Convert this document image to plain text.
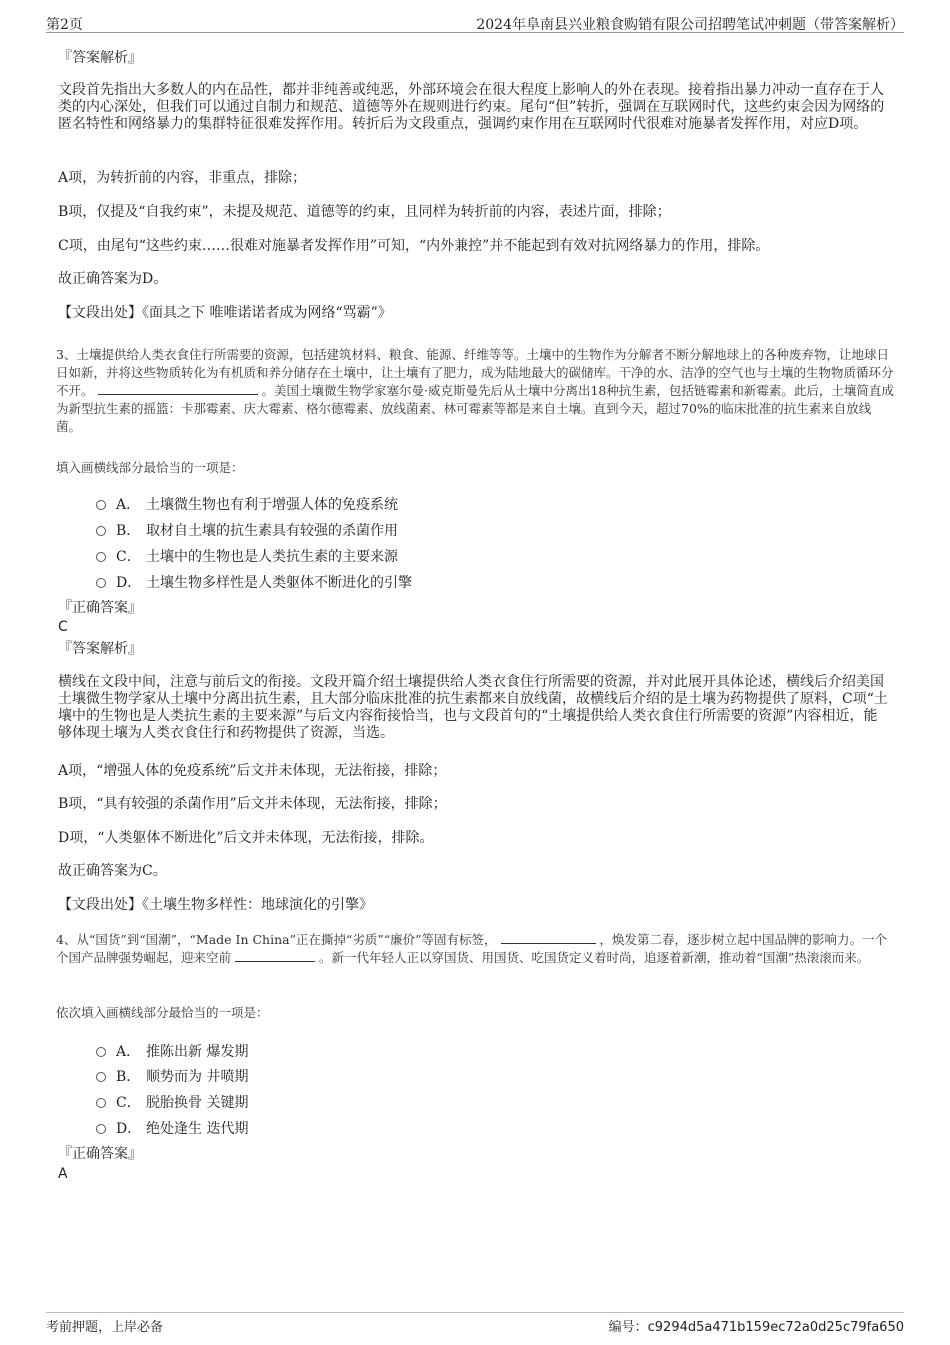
第2页	2024年阜南县兴业粮食购销有限公司招聘笔试冲刺题（带答案解析）
『答案解析』
文段首先指出大多数人的内在品性，都并非纯善或纯恶，外部环境会在很大程度上影响人的外在表现。接着指出暴力冲动一直存在于人类的内心深处，但我们可以通过自制力和规范、道德等外在规则进行约束。尾句“但”转折，强调在互联网时代，这些约束会因为网络的匿名特性和网络暴力的集群特征很难发挥作用。转折后为文段重点，强调约束作用在互联网时代很难对施暴者发挥作用，对应D项。
A项，为转折前的内容，非重点，排除；
B项，仅提及“自我约束”，未提及规范、道德等的约束，且同样为转折前的内容，表述片面，排除；
C项，由尾句“这些约束……很难对施暴者发挥作用”可知，“内外兼控”并不能起到有效对抗网络暴力的作用，排除。
故正确答案为D。
【文段出处】《面具之下 唯唯诺诺者成为网络“骂霸”》
3、土壤提供给人类衣食住行所需要的资源，包括建筑材料、粮食、能源、纤维等等。土壤中的生物作为分解者不断分解地球上的各种废弃物，让地球日日如新，并将这些物质转化为有机质和养分储存在土壤中，让土壤有了肥力，成为陆地最大的碳储库。干净的水、洁净的空气也与土壤的生物物质循环分不开。	。美国土壤微生物学家塞尔曼·威克斯曼先后从土壤中分离出18种抗生素，包括链霉素和新霉素。此后，土壤简直成为新型抗生素的摇篮：卡那霉素、庆大霉素、格尔德霉素、放线菌素、林可霉素等都是来自土壤。直到今天，超过70%的临床批准的抗生素来自放线菌。
填入画横线部分最恰当的一项是：
A． 土壤微生物也有利于增强人体的免疫系统
B． 取材自土壤的抗生素具有较强的杀菌作用
C． 土壤中的生物也是人类抗生素的主要来源
D． 土壤生物多样性是人类躯体不断进化的引擎
『正确答案』
C
『答案解析』
横线在文段中间，注意与前后文的衔接。文段开篇介绍土壤提供给人类衣食住行所需要的资源，并对此展开具体论述，横线后介绍美国土壤微生物学家从土壤中分离出抗生素，且大部分临床批准的抗生素都来自放线菌，故横线后介绍的是土壤为药物提供了原料，C项“土壤中的生物也是人类抗生素的主要来源”与后文内容衔接恰当，也与文段首句的“土壤提供给人类衣食住行所需要的资源”内容相近，能够体现土壤为人类衣食住行和药物提供了资源，当选。
A项，“增强人体的免疫系统”后文并未体现，无法衔接，排除；
B项，“具有较强的杀菌作用”后文并未体现，无法衔接，排除；
D项，“人类躯体不断进化”后文并未体现，无法衔接，排除。
故正确答案为C。
【文段出处】《土壤生物多样性：地球演化的引擎》
4、从“国货”到“国潮”，“Made In China”正在撕掉“劣质”“廉价”等固有标签，	，焕发第二春，逐步树立起中国品牌的影响力。一个个国产品牌强势崛起，迎来空前	。新一代年轻人正以穿国货、用国货、吃国货定义着时尚，追逐着新潮，推动着“国潮”热滚滚而来。
依次填入画横线部分最恰当的一项是：
A． 推陈出新 爆发期
B． 顺势而为 井喷期
C． 脱胎换骨 关键期
D． 绝处逢生 迭代期
『正确答案』
A
考前押题，上岸必备	编号：c9294d5a471b159ec72a0d25c79fa650
